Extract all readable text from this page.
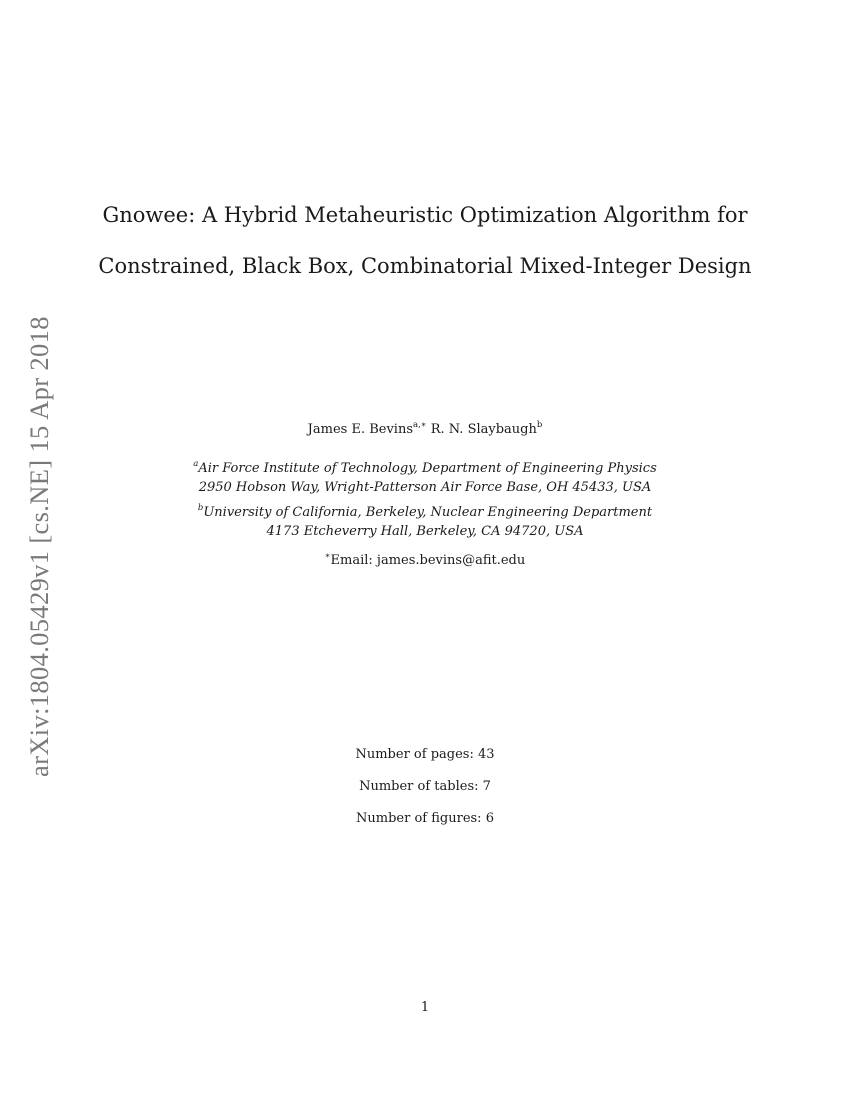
arXiv:1804.05429v1 [cs.NE] 15 Apr 2018
Gnowee: A Hybrid Metaheuristic Optimization Algorithm for
Constrained, Black Box, Combinatorial Mixed-Integer Design
James E. Bevins$^{a,∗}$ R. N. Slaybaugh$^b$
$^a$Air Force Institute of Technology, Department of Engineering Physics
2950 Hobson Way, Wright-Patterson Air Force Base, OH 45433, USA
$^b$University of California, Berkeley, Nuclear Engineering Department
4173 Etcheverry Hall, Berkeley, CA 94720, USA
∗Email: james.bevins@afit.edu
Number of pages: 43
Number of tables: 7
Number of figures: 6
1
